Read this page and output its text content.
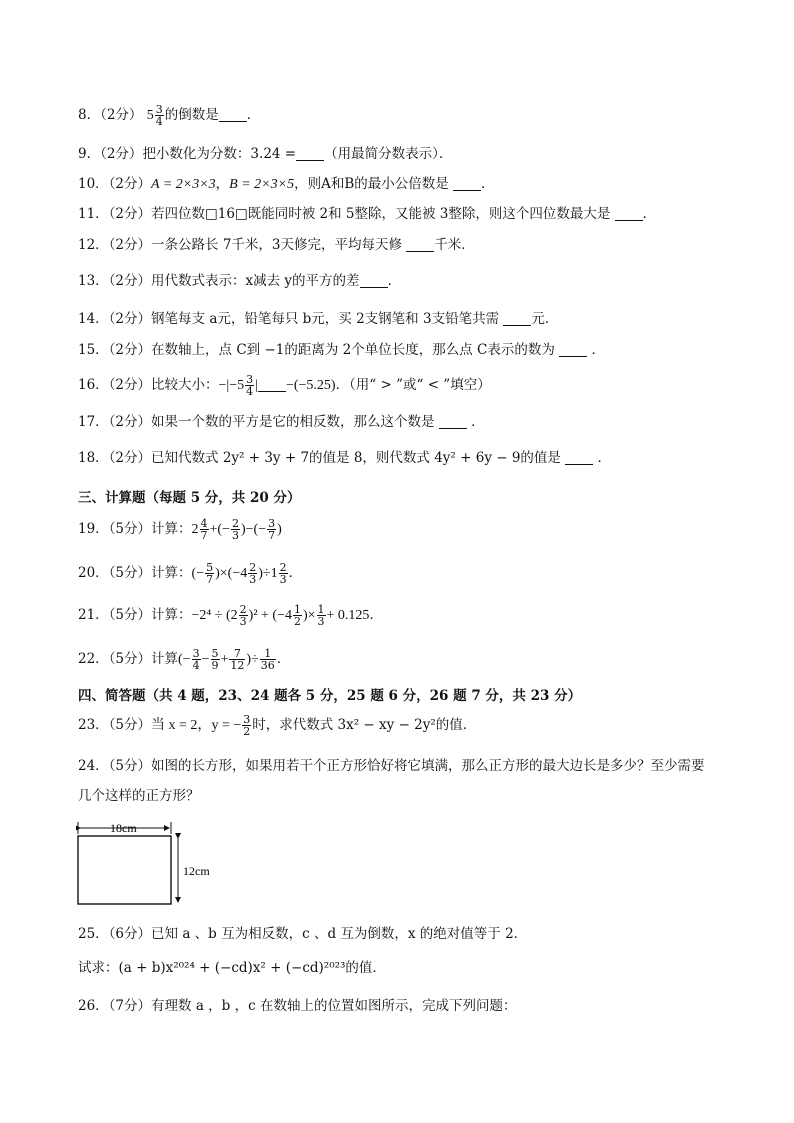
8．（2分） $5 \frac{3}{4}$ 的倒数是 ．
9．（2分）把小数化为分数：3.24 = （用最简分数表示）．
10．（2分）A = 2×3×3，B = 2×3×5，则A和B的最小公倍数是 ．
11．（2分）若四位数□16□既能同时被 2和 5整除，又能被 3整除，则这个四位数最大是 ．
12．（2分）一条公路长 7千米，3天修完，平均每天修 千米．
13．（2分）用代数式表示：x减去 y的平方的差 ．
14．（2分）钢笔每支 a元，铅笔每只 b元，买 2支钢笔和 3支铅笔共需 元．
15．（2分）在数轴上，点 C到 −1的距离为 2个单位长度，那么点 C表示的数为	．
16．（2分）比较大小：$-|-5 \frac{3}{4}$ | −(−5.25)．（用“ > ”或“ < ”填空）
17．（2分）如果一个数的平方是它的相反数，那么这个数是	．
18．（2分）已知代数式 2y² + 3y + 7的值是 8，则代数式 4y² + 6y − 9的值是	．
三、计算题（每题 5 分，共 20 分）
19．（5分）计算：$2 \frac{4}{7}$ +(− $\frac{2}{3}$ )−(− $\frac{3}{7}$ )
20．（5分）计算：(− $\frac{5}{7} )\times(-4 \frac{2}{3} )\div 1 \frac{2}{3}$ ．
21．（5分）计算：$-2^4 \div (2 \frac{2}{3} )^2 + (-4 \frac{1}{2}$ )× $\frac{1}{3} + 0.125$．
22．（5分）计算(− $\frac{3}{4} - \frac{5}{9} + \frac{7}{12}$ )÷ $\frac{1}{36}$ ．
四、简答题（共 4 题，23、24 题各 5 分，25 题 6 分，26 题 7 分，共 23 分）
23．（5分）当 x = 2，y = − $\frac{3}{2}$ 时，求代数式 3x² − xy − 2y²的值．
24．（5分）如图的长方形，如果用若干个正方形恰好将它填满，那么正方形的最大边长是多少？至少需要
几个这样的正方形？
18cm
12cm
25．（6分）已知 a 、b 互为相反数，c 、d 互为倒数，x 的绝对值等于 2．
试求：(a + b)x²⁰²⁴ + (−cd)x² + (−cd)²⁰²³的值．
26．（7分）有理数 a ，b ，c 在数轴上的位置如图所示，完成下列问题：
